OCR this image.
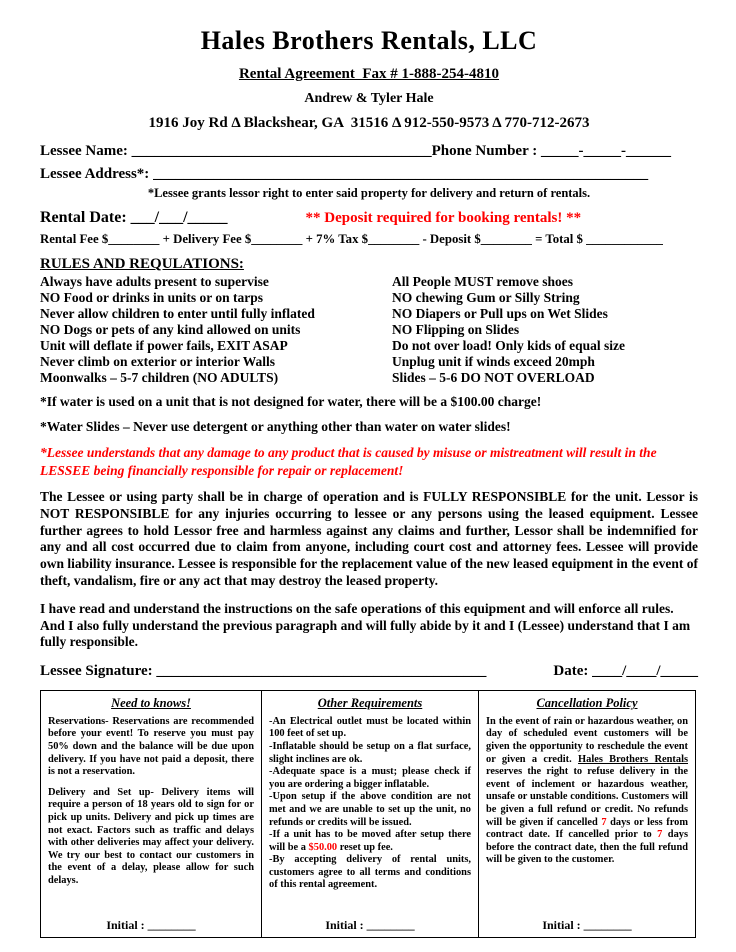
Hales Brothers Rentals, LLC
Rental Agreement  Fax # 1-888-254-4810
Andrew & Tyler Hale
1916 Joy Rd Δ Blackshear, GA  31516 Δ 912-550-9573 Δ 770-712-2673
Lessee Name: ________________________________________Phone Number : _____-_____-______
Lessee Address*: __________________________________________________________________
*Lessee grants lessor right to enter said property for delivery and return of rentals.
Rental Date: ___/___/_____	** Deposit required for booking rentals! **
Rental Fee $________ + Delivery Fee $________ + 7% Tax $________ - Deposit $________ = Total $ ____________
RULES AND REQULATIONS:
Always have adults present to supervise
NO Food or drinks in units or on tarps
Never allow children to enter until fully inflated
NO Dogs or pets of any kind allowed on units
Unit will deflate if power fails, EXIT ASAP
Never climb on exterior or interior Walls
Moonwalks – 5-7 children (NO ADULTS)
All People MUST remove shoes
NO chewing Gum or Silly String
NO Diapers or Pull ups on Wet Slides
NO Flipping on Slides
Do not over load! Only kids of equal size
Unplug unit if winds exceed 20mph
Slides – 5-6 DO NOT OVERLOAD
*If water is used on a unit that is not designed for water, there will be a $100.00 charge!
*Water Slides – Never use detergent or anything other than water on water slides!
*Lessee understands that any damage to any product that is caused by misuse or mistreatment will result in the LESSEE being financially responsible for repair or replacement!
The Lessee or using party shall be in charge of operation and is FULLY RESPONSIBLE for the unit. Lessor is NOT RESPONSIBLE for any injuries occurring to lessee or any persons using the leased equipment. Lessee further agrees to hold Lessor free and harmless against any claims and further, Lessor shall be indemnified for any and all cost occurred due to claim from anyone, including court cost and attorney fees. Lessee will provide own liability insurance. Lessee is responsible for the replacement value of the new leased equipment in the event of theft, vandalism, fire or any act that may destroy the leased property.
I have read and understand the instructions on the safe operations of this equipment and will enforce all rules. And I also fully understand the previous paragraph and will fully abide by it and I (Lessee) understand that I am fully responsible.
Lessee Signature: ____________________________________________	Date: ____/____/_____
Need to knows!

Reservations- Reservations are recommended before your event! To reserve you must pay 50% down and the balance will be due upon delivery. If you have not paid a deposit, there is not a reservation.

Delivery and Set up- Delivery items will require a person of 18 years old to sign for or pick up units. Delivery and pick up times are not exact. Factors such as traffic and delays with other deliveries may affect your delivery. We try our best to contact our customers in the event of a delay, please allow for such delays.

Initial : ________
Other Requirements
-An Electrical outlet must be located within 100 feet of set up.
-Inflatable should be setup on a flat surface, slight inclines are ok.
-Adequate space is a must; please check if you are ordering a bigger inflatable.
-Upon setup if the above condition are not met and we are unable to set up the unit, no refunds or credits will be issued.
-If a unit has to be moved after setup there will be a $50.00 reset up fee.
-By accepting delivery of rental units, customers agree to all terms and conditions of this rental agreement.
Initial : ________
Cancellation Policy
In the event of rain or hazardous weather, on day of scheduled event customers will be given the opportunity to reschedule the event or given a credit. Hales Brothers Rentals reserves the right to refuse delivery in the event of inclement or hazardous weather, unsafe or unstable conditions. Customers will be given a full refund or credit. No refunds will be given if cancelled 7 days or less from contract date. If cancelled prior to 7 days before the contract date, then the full refund will be given to the customer.
Initial : ________
